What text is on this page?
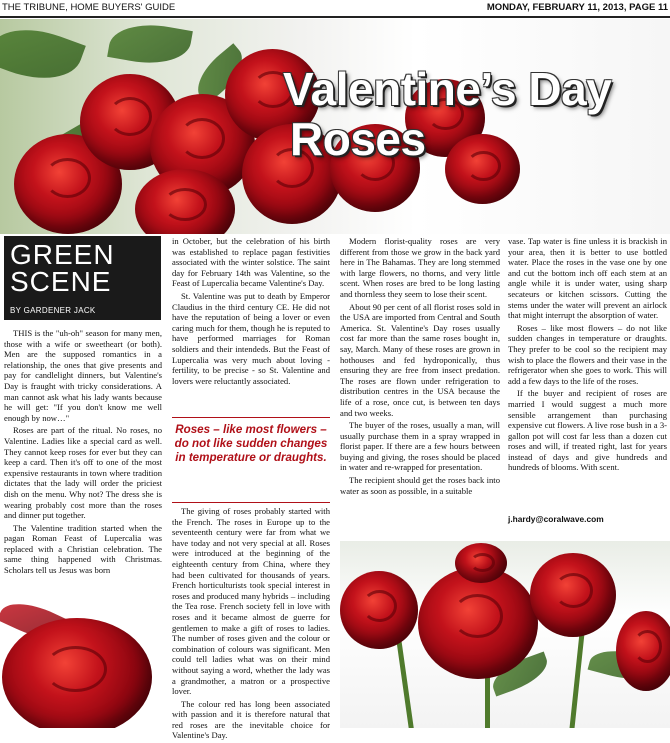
THE TRIBUNE, HOME BUYERS' GUIDE	MONDAY, FEBRUARY 11, 2013, PAGE 11
Valentine’s Day
Roses
GREEN
SCENE
BY GARDENER JACK

THIS is the "uh-oh" season for many men, those with a wife or sweetheart (or both). Men are the supposed romantics in a relationship, the ones that give presents and pay for candlelight dinners, but Valentine's Day is fraught with tricky considerations. A man cannot ask what his lady wants because he will get: "If you don't know me well enough by now…"

Roses are part of the ritual. No roses, no Valentine. Ladies like a special card as well. They cannot keep roses for ever but they can keep a card. Then it's off to one of the most expensive restaurants in town where tradition dictates that the lady will order the priciest dish on the menu. Why not? The dress she is wearing probably cost more than the roses and dinner put together.

The Valentine tradition started when the pagan Roman Feast of Lupercalia was replaced with a Christian celebration. The same thing happened with Christmas. Scholars tell us Jesus was born

in October, but the celebration of his birth was established to replace pagan festivities associated with the winter solstice. The saint day for February 14th was Valentine, so the Feast of Lupercalia became Valentine's Day.

St. Valentine was put to death by Emperor Claudius in the third century CE. He did not have the reputation of being a lover or even caring much for them, though he is reputed to have performed marriages for Roman soldiers and their intendeds. But the Feast of Lupercalia was very much about loving - fertility, to be precise - so St. Valentine and lovers were reluctantly associated.

Roses – like most flowers – do not like sudden changes in temperature or draughts.

The giving of roses probably started with the French. The roses in Europe up to the seventeenth century were far from what we have today and not very special at all. Roses were introduced at the beginning of the eighteenth century from China, where they had been cultivated for thousands of years. French horticulturists took special interest in roses and produced many hybrids – including the Tea rose. French society fell in love with roses and it became almost de guerre for gentlemen to make a gift of roses to ladies. The number of roses given and the colour or combination of colours was significant. Men could tell ladies what was on their mind without saying a word, whether the lady was a grandmother, a matron or a prospective lover.

The colour red has long been associated with passion and it is therefore natural that red roses are the inevitable choice for Valentine's Day.

Modern florist-quality roses are very different from those we grow in the back yard here in The Bahamas. They are long stemmed with large flowers, no thorns, and very little scent. When roses are bred to be long lasting and thornless they seem to lose their scent.

About 90 per cent of all florist roses sold in the USA are imported from Central and South America. St. Valentine's Day roses usually cost far more than the same roses bought in, say, March. Many of these roses are grown in hothouses and fed hydroponically, thus ensuring they are free from insect predation. The roses are flown under refrigeration to distribution centres in the USA because the life of a rose, once cut, is between ten days and two weeks.

The buyer of the roses, usually a man, will usually purchase them in a spray wrapped in florist paper. If there are a few hours between buying and giving, the roses should be placed in water and re-wrapped for presentation.

The recipient should get the roses back into water as soon as possible, in a suitable

vase. Tap water is fine unless it is brackish in your area, then it is better to use bottled water. Place the roses in the vase one by one and cut the bottom inch off each stem at an angle while it is under water, using sharp secateurs or kitchen scissors. Cutting the stems under the water will prevent an airlock that might interrupt the absorption of water.

Roses – like most flowers – do not like sudden changes in temperature or draughts. They prefer to be cool so the recipient may wish to place the flowers and their vase in the refrigerator when she goes to work. This will add a few days to the life of the roses.

If the buyer and recipient of roses are married I would suggest a much more sensible arrangement than purchasing expensive cut flowers. A live rose bush in a 3-gallon pot will cost far less than a dozen cut roses and will, if treated right, last for years instead of days and give hundreds and hundreds of blooms. With scent.

j.hardy@coralwave.com
